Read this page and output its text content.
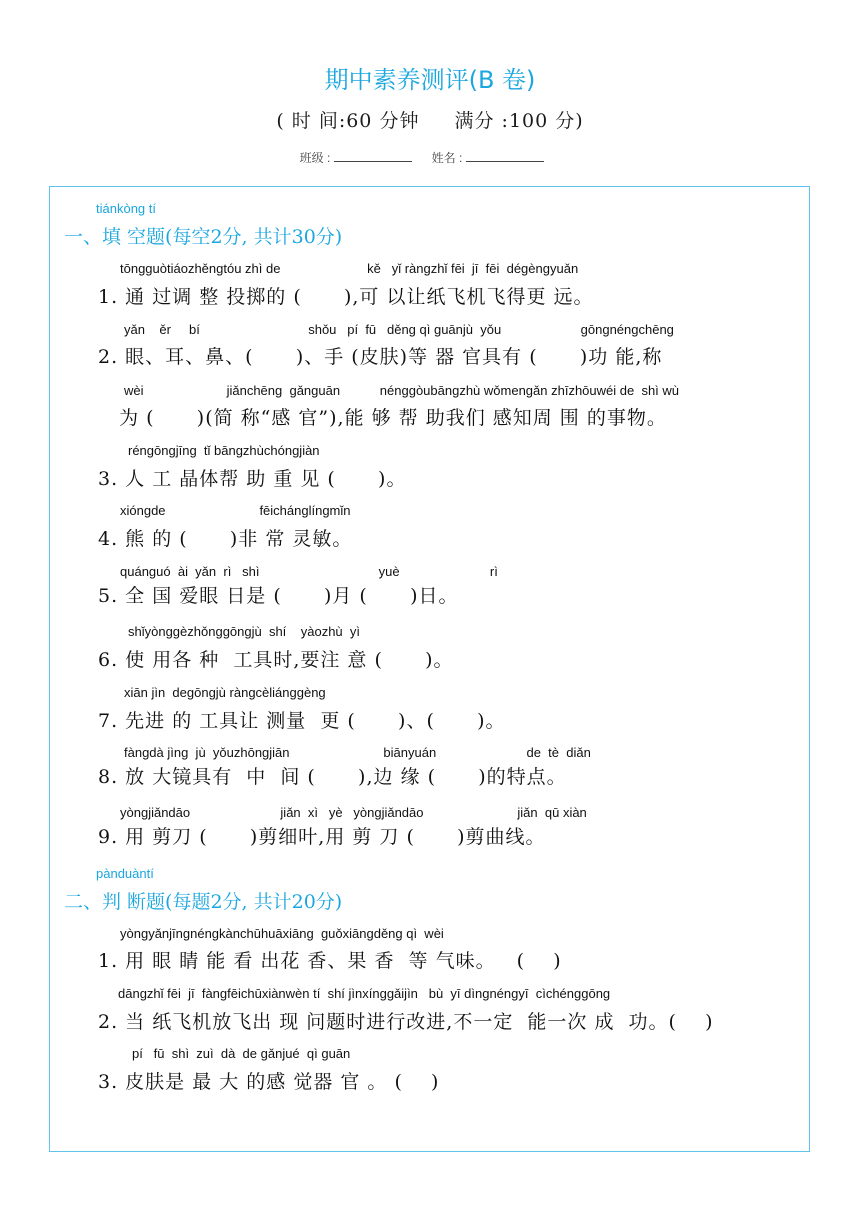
期中素养测评(B 卷)
( 时 间:60 分钟 满分 :100 分)
班级 :	姓名 :
tiánkòng tí
一、填 空题(每空2分, 共计30分)
tōngguòtiáozhěngtóu zhì de                        kě   yǐ ràngzhǐ fēi  jī  fēi  dégèngyuǎn
1. 通 过调 整 投掷的 (      ),可 以让纸飞机飞得更 远。
yǎn    ěr     bí                              shǒu   pí  fū   děng qì guānjù  yǒu                      gōngnéngchēng
2. 眼、耳、鼻、(      )、手 (皮肤)等 器 官具有 (      )功 能,称
wèi                       jiǎnchēng  gǎnguān           nénggòubāngzhù wǒmengǎn zhīzhōuwéi de  shì wù
为 (      )(简 称“感 官”),能 够 帮 助我们 感知周 围 的事物。
réngōngjīng  tǐ bāngzhùchóngjiàn
3. 人 工 晶体帮 助 重 见 (      )。
xióngde                          fēichánglíngmǐn
4. 熊 的 (      )非 常 灵敏。
quánguó  ài  yǎn  rì   shì                                 yuè                         rì
5. 全 国 爱眼 日是 (      )月 (      )日。
shǐyònggèzhǒnggōngjù  shí    yàozhù  yì
6. 使 用各 种  工具时,要注 意 (      )。
xiān jìn  degōngjù ràngcèliánggèng
7. 先进 的 工具让 测量  更 (      )、(      )。
fàngdà jìng  jù  yǒuzhōngjiān                          biānyuán                         de  tè  diǎn
8. 放 大镜具有  中  间 (      ),边 缘 (      )的特点。
yòngjiǎndāo                         jiǎn  xì   yè   yòngjiǎndāo                          jiǎn  qū xiàn
9. 用 剪刀 (      )剪细叶,用 剪 刀 (      )剪曲线。
pànduàntí
二、判 断题(每题2分, 共计20分)
yòngyǎnjīngnéngkànchūhuāxiāng  guǒxiāngděng qì  wèi
1. 用 眼 睛 能 看 出花 香、果 香  等 气味。   (    )
dāngzhǐ fēi  jī  fàngfēichūxiànwèn tí  shí jìnxínggǎijìn   bù  yī dìngnéngyī  cìchénggōng
2. 当 纸飞机放飞出 现 问题时进行改进,不一定  能一次 成  功。(    )
pí   fū  shì  zuì  dà  de gǎnjué  qì guān
3. 皮肤是 最 大 的感 觉器 官 。 (    )
